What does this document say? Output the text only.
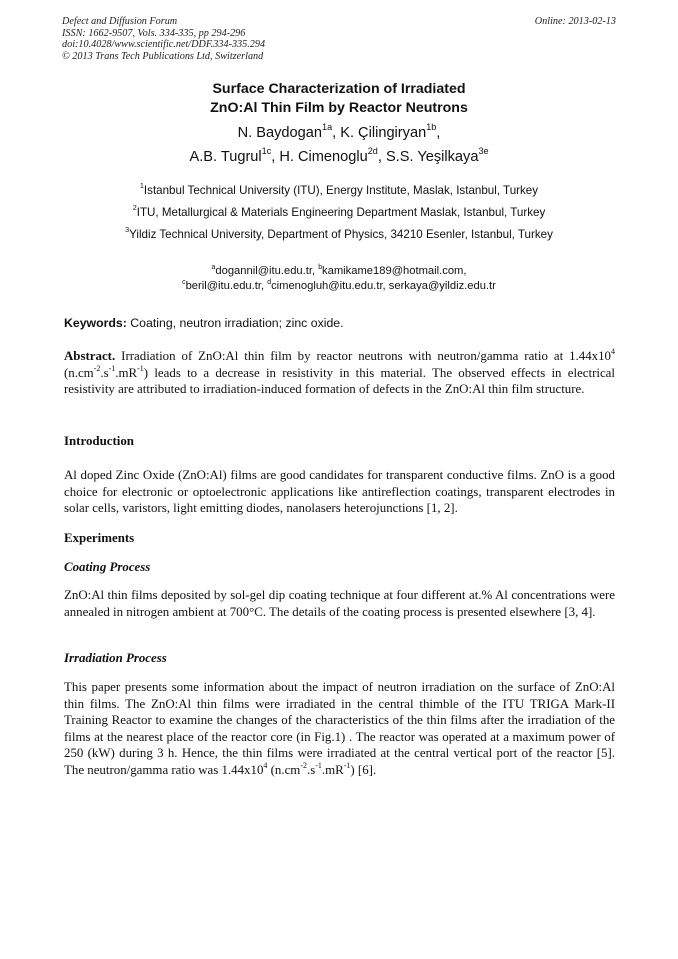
Defect and Diffusion Forum
ISSN: 1662-9507, Vols. 334-335, pp 294-296
doi:10.4028/www.scientific.net/DDF.334-335.294
© 2013 Trans Tech Publications Ltd, Switzerland
Online: 2013-02-13
Surface Characterization of Irradiated
ZnO:Al Thin Film by Reactor Neutrons
N. Baydogan$^{1a}$, K. Çilingiryan$^{1b}$,
A.B. Tugrul$^{1c}$, H. Cimenoglu$^{2d}$, S.S. Yeşilkaya$^{3e}$
$^1$Istanbul Technical University (ITU), Energy Institute, Maslak, Istanbul, Turkey
$^2$ITU, Metallurgical & Materials Engineering Department Maslak, Istanbul, Turkey
$^3$Yildiz Technical University, Department of Physics, 34210 Esenler, Istanbul, Turkey
$^a$dogannil@itu.edu.tr, $^b$kamikame189@hotmail.com,
$^c$beril@itu.edu.tr, $^d$cimenogluh@itu.edu.tr, serkaya@yildiz.edu.tr
Keywords: Coating, neutron irradiation; zinc oxide.
Abstract. Irradiation of ZnO:Al thin film by reactor neutrons with neutron/gamma ratio at $1.44x10^4$ $(n.cm^{-2}.s^{-1}.mR^{-1})$ leads to a decrease in resistivity in this material. The observed effects in electrical resistivity are attributed to irradiation-induced formation of defects in the ZnO:Al thin film structure.
Introduction
Al doped Zinc Oxide (ZnO:Al) films are good candidates for transparent conductive films. ZnO is a good choice for electronic or optoelectronic applications like antireflection coatings, transparent electrodes in solar cells, varistors, light emitting diodes, nanolasers heterojunctions [1, 2].
Experiments
Coating Process
ZnO:Al thin films deposited by sol-gel dip coating technique at four different at.% Al concentrations were annealed in nitrogen ambient at 700°C. The details of the coating process is presented elsewhere [3, 4].
Irradiation Process
This paper presents some information about the impact of neutron irradiation on the surface of ZnO:Al thin films. The ZnO:Al thin films were irradiated in the central thimble of the ITU TRIGA Mark-II Training Reactor to examine the changes of the characteristics of the thin films after the irradiation of the films at the nearest place of the reactor core (in Fig.1) . The reactor was operated at a maximum power of 250 (kW) during 3 h. Hence, the thin films were irradiated at the central vertical port of the reactor [5]. The neutron/gamma ratio was $1.44x10^4$ $(n.cm^{-2}.s^{-1}.mR^{-1})$ [6].
